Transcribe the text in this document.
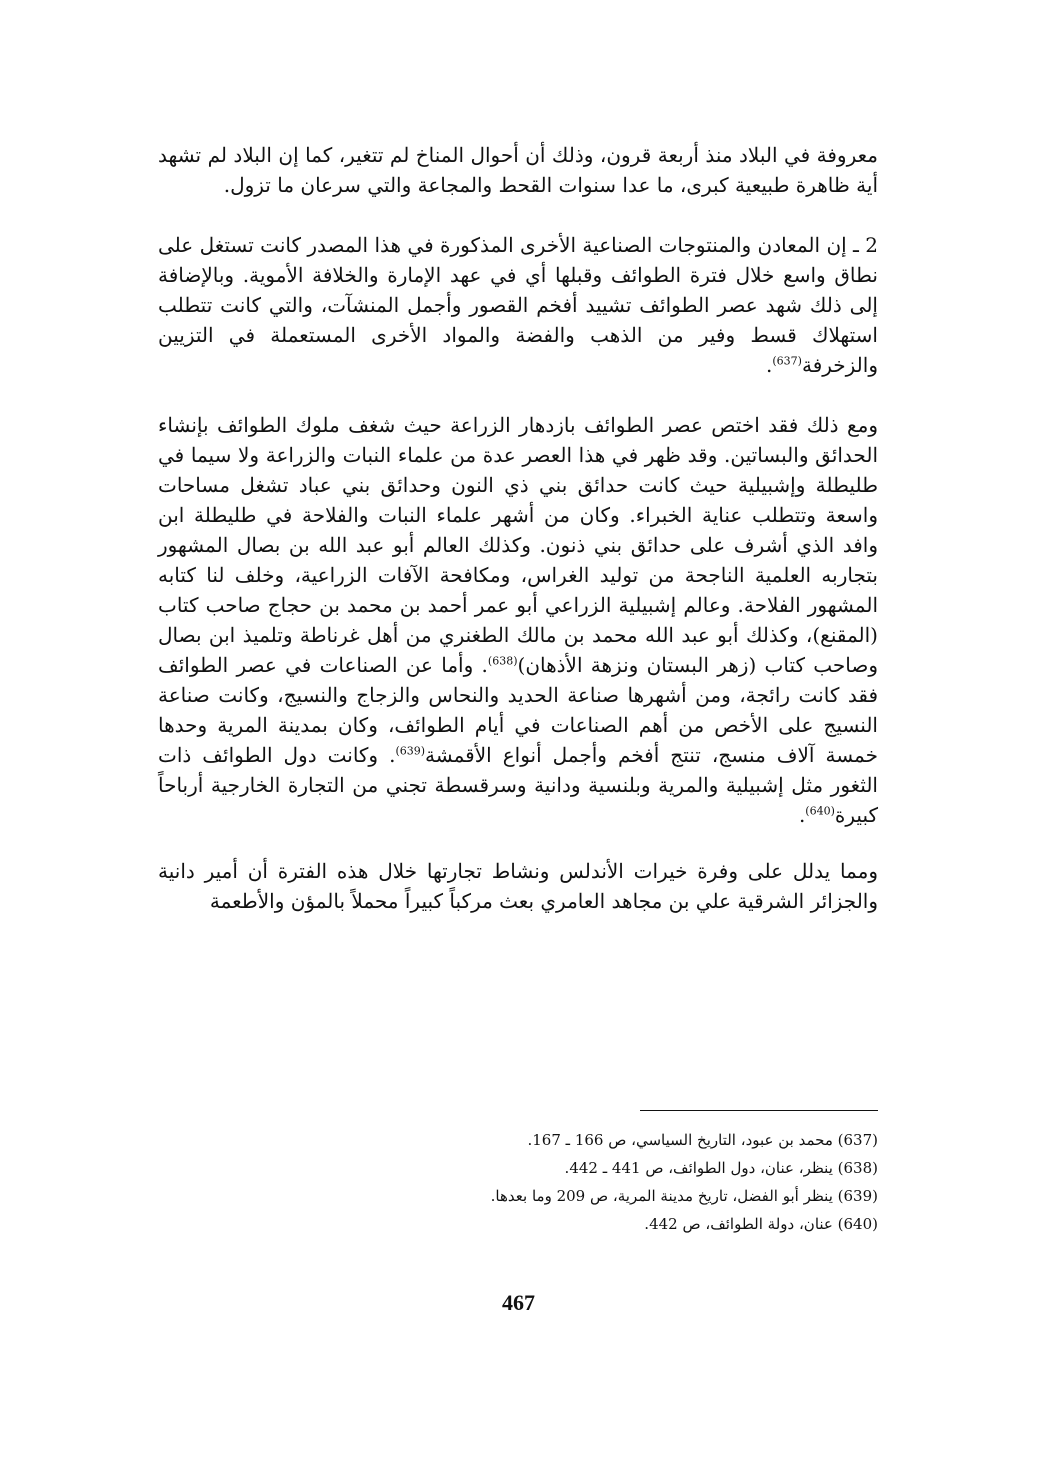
معروفة في البلاد منذ أربعة قرون، وذلك أن أحوال المناخ لم تتغير، كما إن البلاد لم تشهد أية ظاهرة طبيعية كبرى، ما عدا سنوات القحط والمجاعة والتي سرعان ما تزول.

2 ـ إن المعادن والمنتوجات الصناعية الأخرى المذكورة في هذا المصدر كانت تستغل على نطاق واسع خلال فترة الطوائف وقبلها أي في عهد الإمارة والخلافة الأموية. وبالإضافة إلى ذلك شهد عصر الطوائف تشييد أفخم القصور وأجمل المنشآت، والتي كانت تتطلب استهلاك قسط وفير من الذهب والفضة والمواد الأخرى المستعملة في التزيين والزخرفة$^{(637)}$.

ومع ذلك فقد اختص عصر الطوائف بازدهار الزراعة حيث شغف ملوك الطوائف بإنشاء الحدائق والبساتين. وقد ظهر في هذا العصر عدة من علماء النبات والزراعة ولا سيما في طليطلة وإشبيلية حيث كانت حدائق بني ذي النون وحدائق بني عباد تشغل مساحات واسعة وتتطلب عناية الخبراء. وكان من أشهر علماء النبات والفلاحة في طليطلة ابن وافد الذي أشرف على حدائق بني ذنون. وكذلك العالم أبو عبد الله بن بصال المشهور بتجاربه العلمية الناجحة من توليد الغراس، ومكافحة الآفات الزراعية، وخلف لنا كتابه المشهور الفلاحة. وعالم إشبيلية الزراعي أبو عمر أحمد بن محمد بن حجاج صاحب كتاب (المقنع)، وكذلك أبو عبد الله محمد بن مالك الطغنري من أهل غرناطة وتلميذ ابن بصال وصاحب كتاب (زهر البستان ونزهة الأذهان)$^{(638)}$. وأما عن الصناعات في عصر الطوائف فقد كانت رائجة، ومن أشهرها صناعة الحديد والنحاس والزجاج والنسيج، وكانت صناعة النسيج على الأخص من أهم الصناعات في أيام الطوائف، وكان بمدينة المرية وحدها خمسة آلاف منسج، تنتج أفخم وأجمل أنواع الأقمشة$^{(639)}$. وكانت دول الطوائف ذات الثغور مثل إشبيلية والمرية وبلنسية ودانية وسرقسطة تجني من التجارة الخارجية أرباحاً كبيرة$^{(640)}$.

ومما يدلل على وفرة خيرات الأندلس ونشاط تجارتها خلال هذه الفترة أن أمير دانية والجزائر الشرقية علي بن مجاهد العامري بعث مركباً كبيراً محملاً بالمؤن والأطعمة

(637) محمد بن عبود، التاريخ السياسي، ص 166 ـ 167.
(638) ينظر، عنان، دول الطوائف، ص 441 ـ 442.
(639) ينظر أبو الفضل، تاريخ مدينة المرية، ص 209 وما بعدها.
(640) عنان، دولة الطوائف، ص 442.
467
